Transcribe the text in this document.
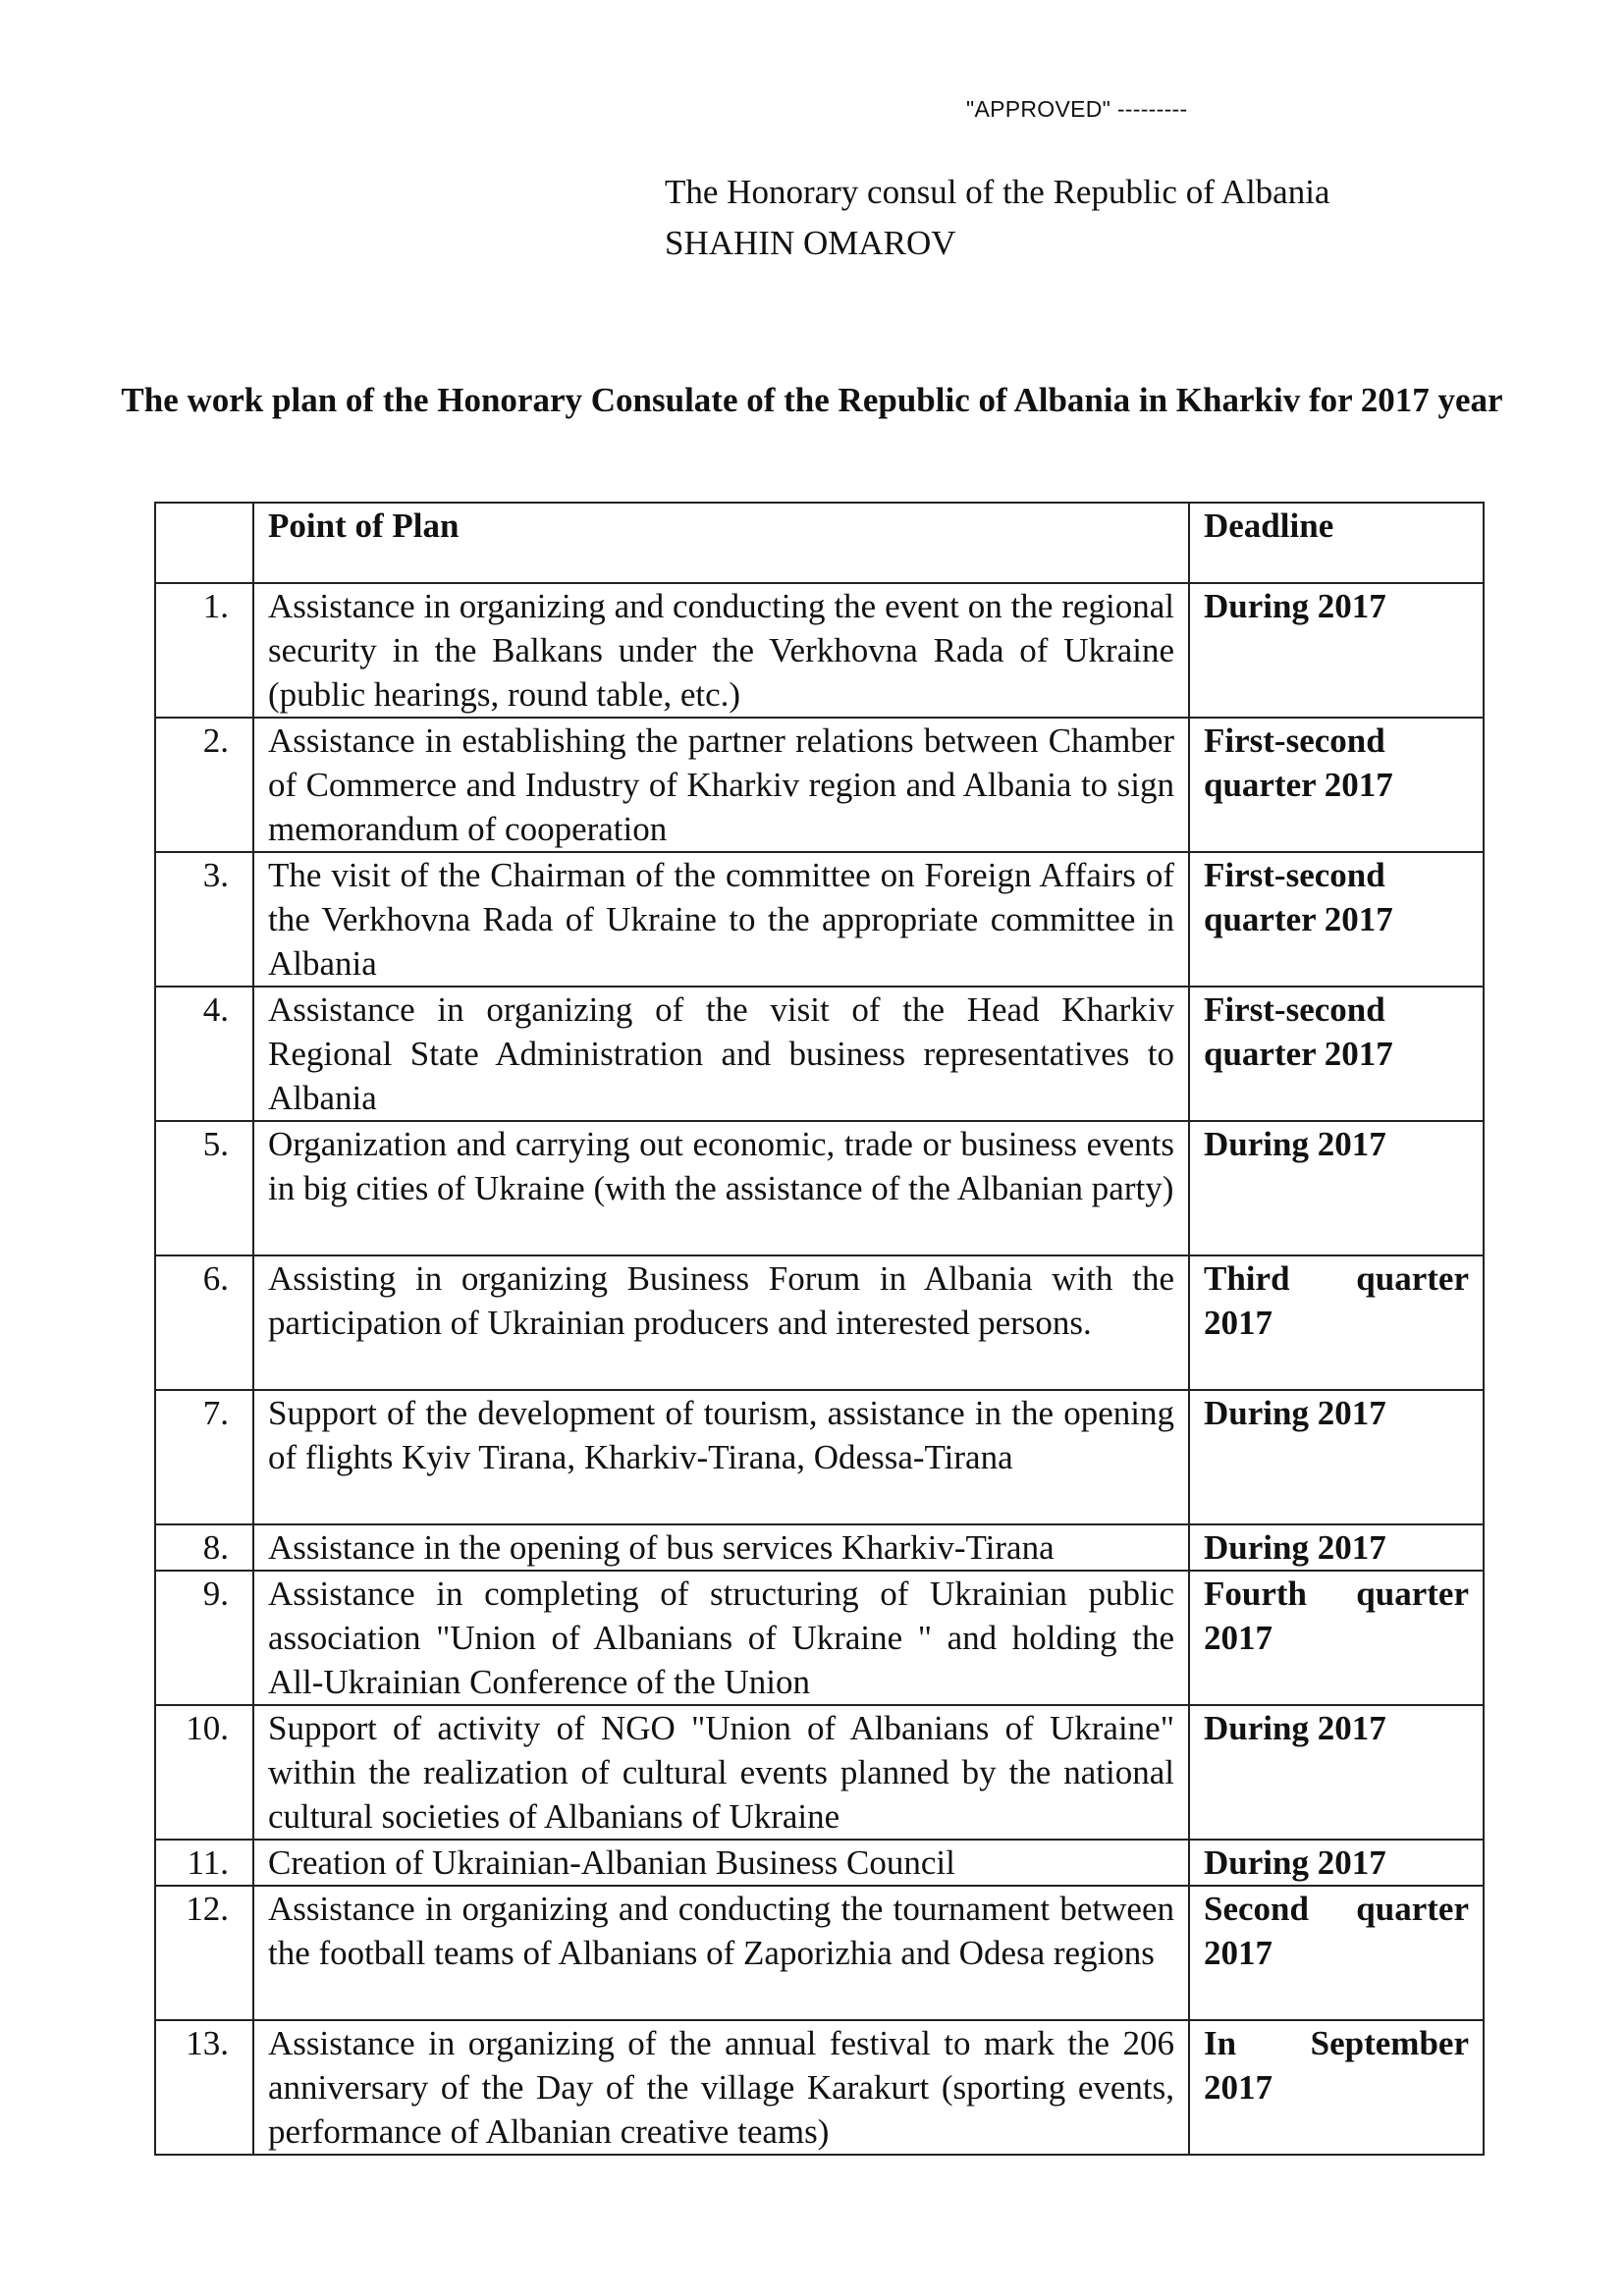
"APPROVED" ---------
The Honorary consul of the Republic of Albania
SHAHIN OMAROV
The work plan of the Honorary Consulate of the Republic of Albania in Kharkiv for 2017 year
	Point of Plan	Deadline
1.	Assistance in organizing and conducting the event on the regional security in the Balkans under the Verkhovna Rada of Ukraine (public hearings, round table, etc.)	During 2017
2.	Assistance in establishing the partner relations between Chamber of Commerce and Industry of Kharkiv region and Albania to sign memorandum of cooperation	First-second quarter 2017
3.	The visit of the Chairman of the committee on Foreign Affairs of the Verkhovna Rada of Ukraine to the appropriate committee in Albania	First-second quarter 2017
4.	Assistance in organizing of the visit of the Head Kharkiv Regional State Administration and business representatives to Albania	First-second quarter 2017
5.	Organization and carrying out economic, trade or business events in big cities of Ukraine (with the assistance of the Albanian party)	During 2017
6.	Assisting in organizing Business Forum in Albania with the participation of Ukrainian producers and interested persons.	Third quarter 2017
7.	Support of the development of tourism, assistance in the opening of flights Kyiv Tirana, Kharkiv-Tirana, Odessa-Tirana	During 2017
8.	Assistance in the opening of bus services Kharkiv-Tirana	During 2017
9.	Assistance in completing of structuring of Ukrainian public association "Union of Albanians of Ukraine " and holding the All-Ukrainian Conference of the Union	Fourth quarter 2017
10.	Support of activity of NGO "Union of Albanians of Ukraine" within the realization of cultural events planned by the national cultural societies of Albanians of Ukraine	During 2017
11.	Creation of Ukrainian-Albanian Business Council	During 2017
12.	Assistance in organizing and conducting the tournament between the football teams of Albanians of Zaporizhia and Odesa regions	Second quarter 2017
13.	Assistance in organizing of the annual festival to mark the 206 anniversary of the Day of the village Karakurt (sporting events, performance of Albanian creative teams)	In September 2017
